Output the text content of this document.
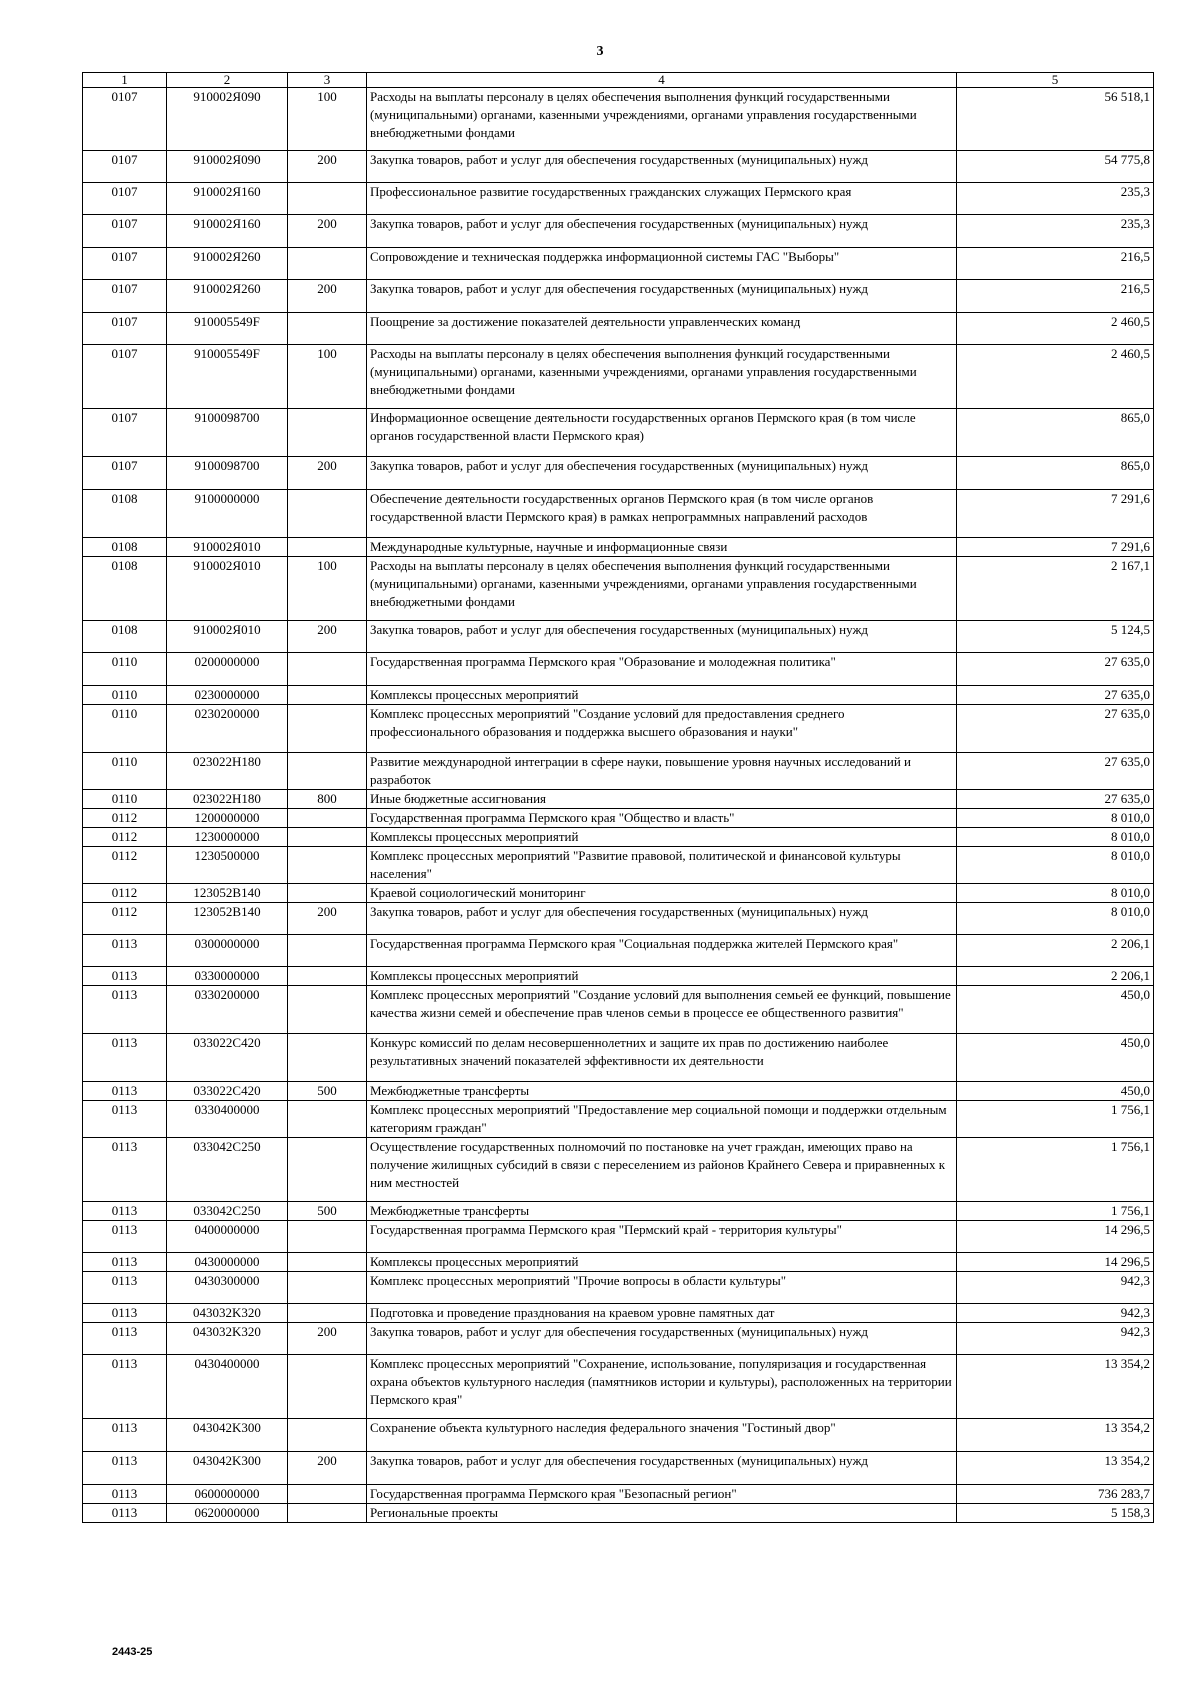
3
1	2	3	4	5
0107	910002Я090	100	Расходы на выплаты персоналу в целях обеспечения выполнения функций государственными (муниципальными) органами, казенными учреждениями, органами управления государственными внебюджетными фондами	56 518,1
0107	910002Я090	200	Закупка товаров, работ и услуг для обеспечения государственных (муниципальных) нужд	54 775,8
0107	910002Я160		Профессиональное развитие государственных гражданских служащих Пермского края	235,3
0107	910002Я160	200	Закупка товаров, работ и услуг для обеспечения государственных (муниципальных) нужд	235,3
0107	910002Я260		Сопровождение и техническая поддержка информационной системы ГАС "Выборы"	216,5
0107	910002Я260	200	Закупка товаров, работ и услуг для обеспечения государственных (муниципальных) нужд	216,5
0107	910005549F		Поощрение за достижение показателей деятельности управленческих команд	2 460,5
0107	910005549F	100	Расходы на выплаты персоналу в целях обеспечения выполнения функций государственными (муниципальными) органами, казенными учреждениями, органами управления государственными внебюджетными фондами	2 460,5
0107	9100098700		Информационное освещение деятельности государственных органов Пермского края (в том числе органов государственной власти Пермского края)	865,0
0107	9100098700	200	Закупка товаров, работ и услуг для обеспечения государственных (муниципальных) нужд	865,0
0108	9100000000		Обеспечение деятельности государственных органов Пермского края (в том числе органов государственной власти Пермского края) в рамках непрограммных направлений расходов	7 291,6
0108	910002Я010		Международные культурные, научные и информационные связи	7 291,6
0108	910002Я010	100	Расходы на выплаты персоналу в целях обеспечения выполнения функций государственными (муниципальными) органами, казенными учреждениями, органами управления государственными внебюджетными фондами	2 167,1
0108	910002Я010	200	Закупка товаров, работ и услуг для обеспечения государственных (муниципальных) нужд	5 124,5
0110	0200000000		Государственная программа Пермского края "Образование и молодежная политика"	27 635,0
0110	0230000000		Комплексы процессных мероприятий	27 635,0
0110	0230200000		Комплекс процессных мероприятий "Создание условий для предоставления среднего профессионального образования и поддержка высшего образования и науки"	27 635,0
0110	023022H180		Развитие международной интеграции в сфере науки, повышение уровня научных исследований и разработок	27 635,0
0110	023022H180	800	Иные бюджетные ассигнования	27 635,0
0112	1200000000		Государственная программа Пермского края "Общество и власть"	8 010,0
0112	1230000000		Комплексы процессных мероприятий	8 010,0
0112	1230500000		Комплекс процессных мероприятий "Развитие правовой, политической и финансовой культуры населения"	8 010,0
0112	123052B140		Краевой социологический мониторинг	8 010,0
0112	123052B140	200	Закупка товаров, работ и услуг для обеспечения государственных (муниципальных) нужд	8 010,0
0113	0300000000		Государственная программа Пермского края "Социальная поддержка жителей Пермского края"	2 206,1
0113	0330000000		Комплексы процессных мероприятий	2 206,1
0113	0330200000		Комплекс процессных мероприятий "Создание условий для выполнения семьей ее функций, повышение качества жизни семей и обеспечение прав членов семьи в процессе ее общественного развития"	450,0
0113	033022C420		Конкурс комиссий по делам несовершеннолетних и защите их прав по достижению наиболее результативных значений показателей эффективности их деятельности	450,0
0113	033022C420	500	Межбюджетные трансферты	450,0
0113	0330400000		Комплекс процессных мероприятий "Предоставление мер социальной помощи и поддержки отдельным категориям граждан"	1 756,1
0113	033042C250		Осуществление государственных полномочий по постановке на учет граждан, имеющих право на получение жилищных субсидий в связи с переселением из районов Крайнего Севера и приравненных к ним местностей	1 756,1
0113	033042C250	500	Межбюджетные трансферты	1 756,1
0113	0400000000		Государственная программа Пермского края "Пермский край - территория культуры"	14 296,5
0113	0430000000		Комплексы процессных мероприятий	14 296,5
0113	0430300000		Комплекс процессных мероприятий "Прочие вопросы в области культуры"	942,3
0113	043032K320		Подготовка и проведение празднования на краевом уровне памятных дат	942,3
0113	043032K320	200	Закупка товаров, работ и услуг для обеспечения государственных (муниципальных) нужд	942,3
0113	0430400000		Комплекс процессных мероприятий "Сохранение, использование, популяризация и государственная охрана объектов культурного наследия (памятников истории и культуры), расположенных на территории Пермского края"	13 354,2
0113	043042K300		Сохранение объекта культурного наследия федерального значения "Гостиный двор"	13 354,2
0113	043042K300	200	Закупка товаров, работ и услуг для обеспечения государственных (муниципальных) нужд	13 354,2
0113	0600000000		Государственная программа Пермского края "Безопасный регион"	736 283,7
0113	0620000000		Региональные проекты	5 158,3
2443-25
